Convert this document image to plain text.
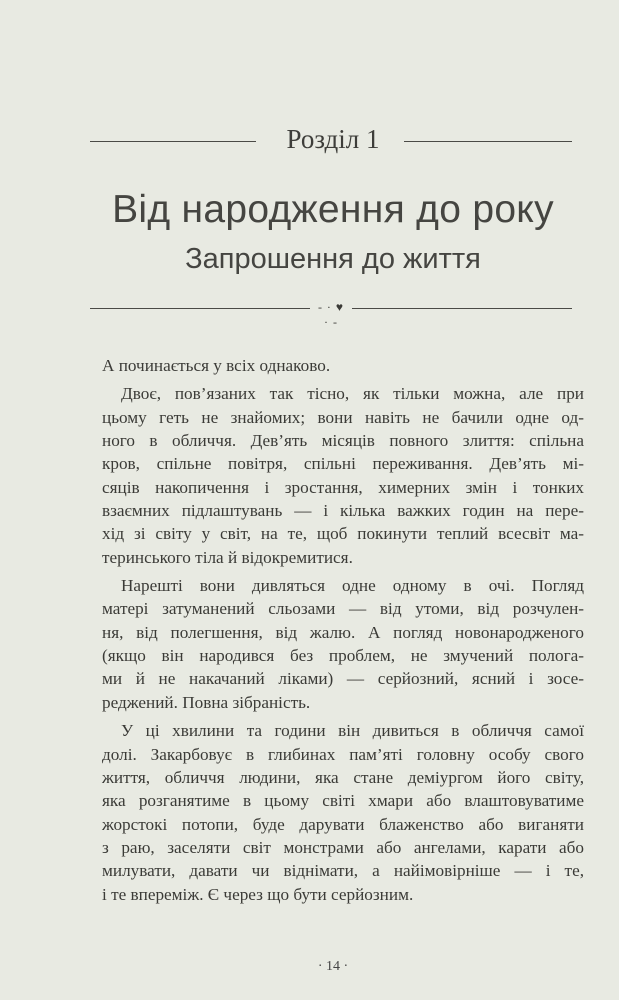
Розділ 1
Від народження до року
Запрошення до життя
- · ♥ · -
А починається у всіх однаково.
Двоє, пов’язаних так тісно, як тільки можна, але при
цьому геть не знайомих; вони навіть не бачили одне од-
ного в обличчя. Дев’ять місяців повного злиття: спільна
кров, спільне повітря, спільні переживання. Дев’ять мі-
сяців накопичення і зростання, химерних змін і тонких
взаємних підлаштувань — і кілька важких годин на пере-
хід зі світу у світ, на те, щоб покинути теплий всесвіт ма-
теринського тіла й відокремитися.
Нарешті вони дивляться одне одному в очі. Погляд
матері затуманений сльозами — від утоми, від розчулен-
ня, від полегшення, від жалю. А погляд новонародженого
(якщо він народився без проблем, не змучений полога-
ми й не накачаний ліками) — серйозний, ясний і зосе-
реджений. Повна зібраність.
У ці хвилини та години він дивиться в обличчя самої
долі. Закарбовує в глибинах пам’яті головну особу свого
життя, обличчя людини, яка стане деміургом його світу,
яка розганятиме в цьому світі хмари або влаштовуватиме
жорстокі потопи, буде дарувати блаженство або виганяти
з раю, заселяти світ монстрами або ангелами, карати або
милувати, давати чи віднімати, а найімовірніше — і те,
і те впереміж. Є через що бути серйозним.
· 14 ·
